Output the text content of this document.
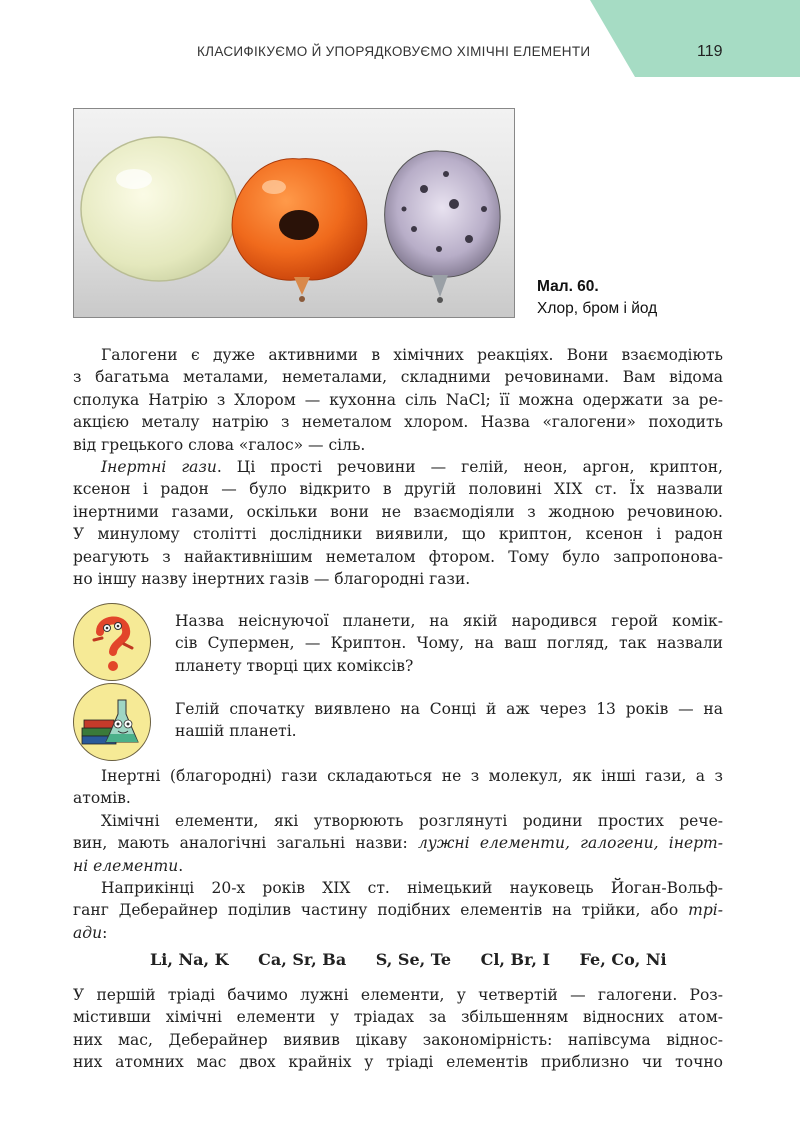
КЛАСИФІКУЄМО Й УПОРЯДКОВУЄМО ХІМІЧНІ ЕЛЕМЕНТИ	119
Мал. 60.
Хлор, бром і йод
Галогени є дуже активними в хімічних реакціях. Вони взаємодіють
з багатьма металами, неметалами, складними речовинами. Вам відома
сполука Натрію з Хлором — кухонна сіль NaCl; її можна одержати за ре-
акцією металу натрію з неметалом хлором. Назва «галогени» походить
від грецького слова «галос» — сіль.
Інертні гази. Ці прості речовини — гелій, неон, аргон, криптон,
ксенон і радон — було відкрито в другій половині XIX ст. Їх назвали
інертними газами, оскільки вони не взаємодіяли з жодною речовиною.
У минулому столітті дослідники виявили, що криптон, ксенон і радон
реагують з найактивнішим неметалом фтором. Тому було запропонова-
но іншу назву інертних газів — благородні гази.
Назва неіснуючої планети, на якій народився герой комік-
сів Супермен, — Криптон. Чому, на ваш погляд, так назвали
планету творці цих коміксів?
Гелій спочатку виявлено на Сонці й аж через 13 років — на
нашій планеті.
Інертні (благородні) гази складаються не з молекул, як інші гази, а з
атомів.
Хімічні елементи, які утворюють розглянуті родини простих рече-
вин, мають аналогічні загальні назви: лужні елементи, галогени, інерт-
ні елементи.
Наприкінці 20-х років XIX ст. німецький науковець Йоган-Вольф-
ганг Деберайнер поділив частину подібних елементів на трійки, або трі-
ади:
Li, Na, K Ca, Sr, Ba S, Se, Te Cl, Br, I Fe, Co, Ni
У першій тріаді бачимо лужні елементи, у четвертій — галогени. Роз-
містивши хімічні елементи у тріадах за збільшенням відносних атом-
них мас, Деберайнер виявив цікаву закономірність: напівсума віднос-
них атомних мас двох крайніх у тріаді елементів приблизно чи точно
